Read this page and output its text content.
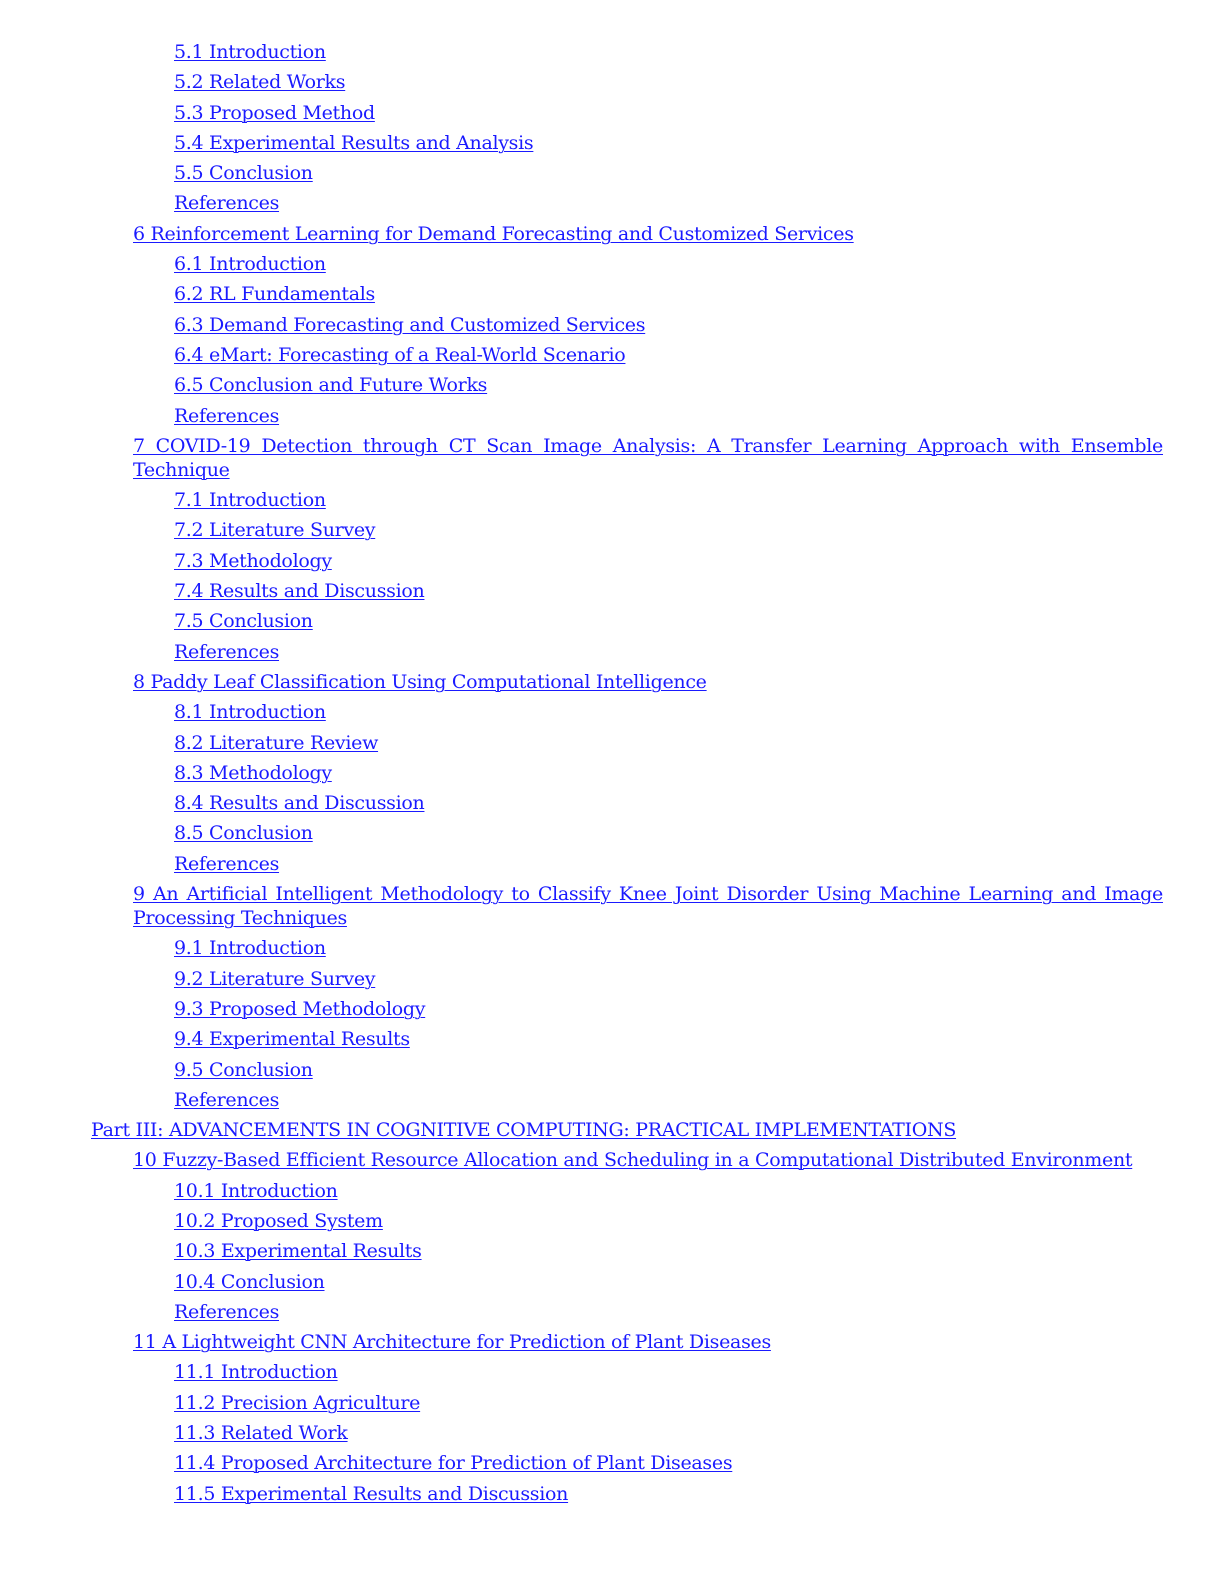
5.1 Introduction
5.2 Related Works
5.3 Proposed Method
5.4 Experimental Results and Analysis
5.5 Conclusion
References
6 Reinforcement Learning for Demand Forecasting and Customized Services
6.1 Introduction
6.2 RL Fundamentals
6.3 Demand Forecasting and Customized Services
6.4 eMart: Forecasting of a Real-World Scenario
6.5 Conclusion and Future Works
References
7 COVID-19 Detection through CT Scan Image Analysis: A Transfer Learning Approach with Ensemble Technique
7.1 Introduction
7.2 Literature Survey
7.3 Methodology
7.4 Results and Discussion
7.5 Conclusion
References
8 Paddy Leaf Classification Using Computational Intelligence
8.1 Introduction
8.2 Literature Review
8.3 Methodology
8.4 Results and Discussion
8.5 Conclusion
References
9 An Artificial Intelligent Methodology to Classify Knee Joint Disorder Using Machine Learning and Image Processing Techniques
9.1 Introduction
9.2 Literature Survey
9.3 Proposed Methodology
9.4 Experimental Results
9.5 Conclusion
References
Part III: ADVANCEMENTS IN COGNITIVE COMPUTING: PRACTICAL IMPLEMENTATIONS
10 Fuzzy-Based Efficient Resource Allocation and Scheduling in a Computational Distributed Environment
10.1 Introduction
10.2 Proposed System
10.3 Experimental Results
10.4 Conclusion
References
11 A Lightweight CNN Architecture for Prediction of Plant Diseases
11.1 Introduction
11.2 Precision Agriculture
11.3 Related Work
11.4 Proposed Architecture for Prediction of Plant Diseases
11.5 Experimental Results and Discussion
